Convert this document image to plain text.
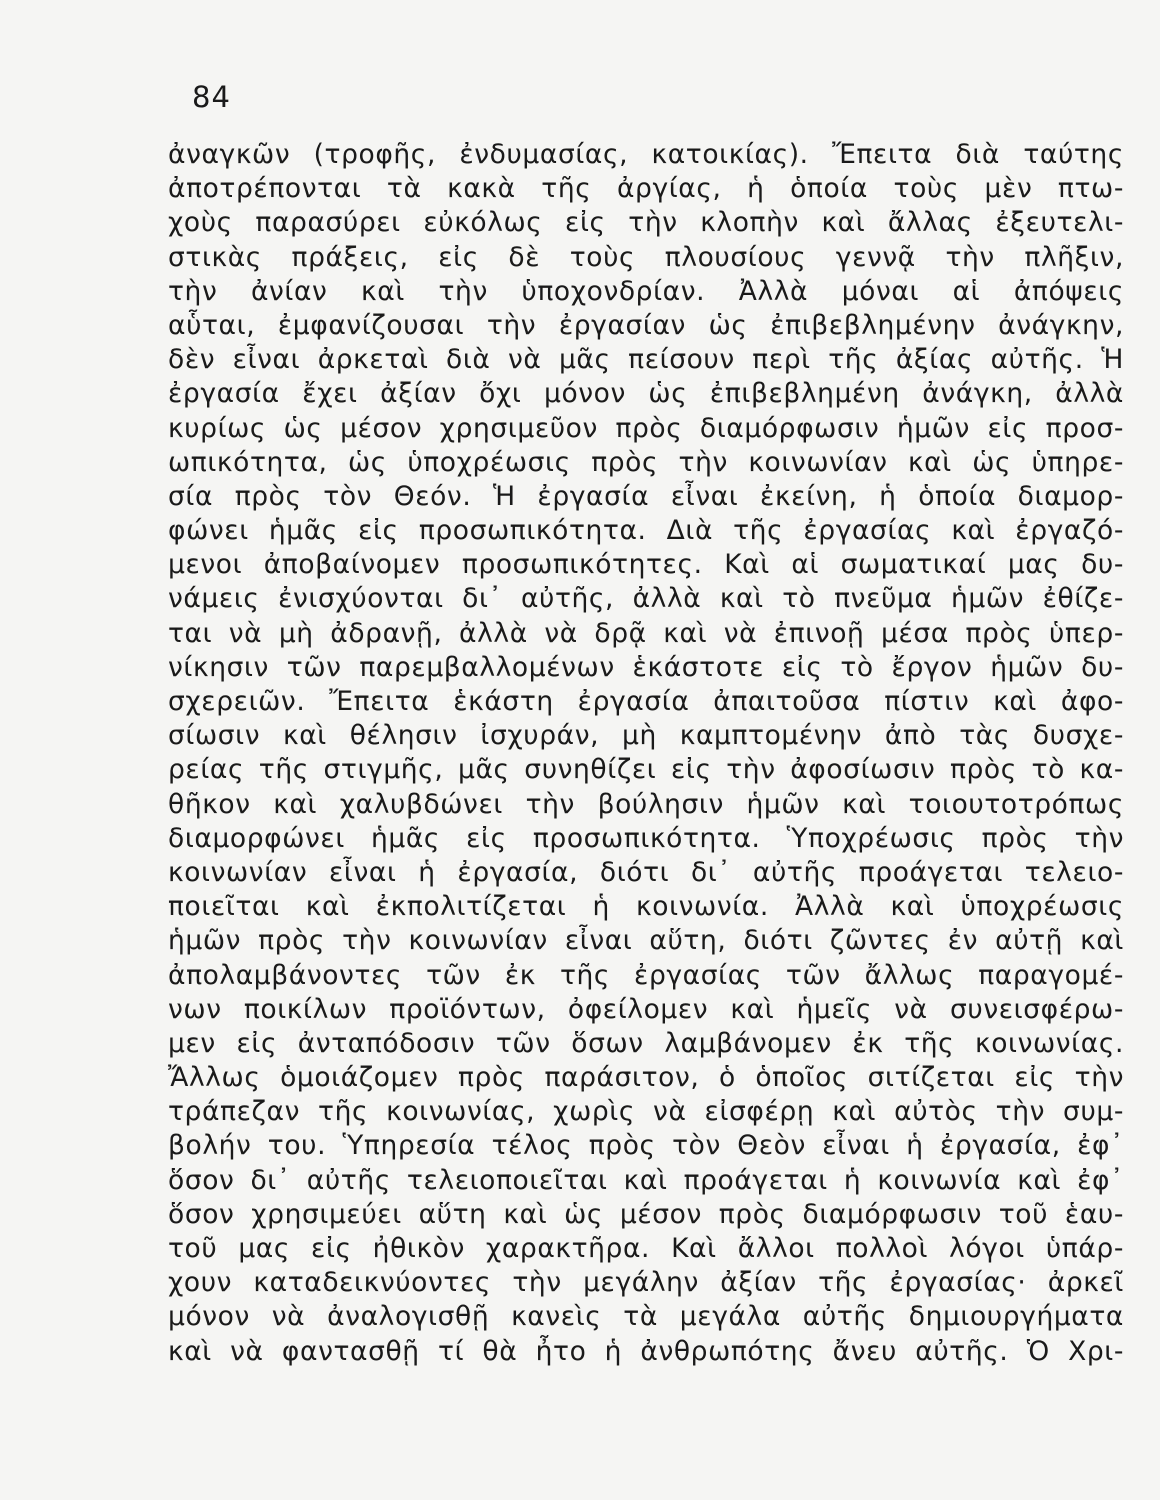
84
ἀναγκῶν (τροφῆς, ἐνδυμασίας, κατοικίας). Ἔπειτα διὰ ταύτης
ἀποτρέπονται τὰ κακὰ τῆς ἀργίας, ἡ ὁποία τοὺς μὲν πτω-
χοὺς παρασύρει εὐκόλως εἰς τὴν κλοπὴν καὶ ἄλλας ἐξευτελι-
στικὰς πράξεις, εἰς δὲ τοὺς πλουσίους γεννᾷ τὴν πλῆξιν,
τὴν ἀνίαν καὶ τὴν ὑποχονδρίαν. Ἀλλὰ μόναι αἱ ἀπόψεις
αὗται, ἐμφανίζουσαι τὴν ἐργασίαν ὡς ἐπιβεβλημένην ἀνάγκην,
δὲν εἶναι ἀρκεταὶ διὰ νὰ μᾶς πείσουν περὶ τῆς ἀξίας αὐτῆς. Ἡ
ἐργασία ἔχει ἀξίαν ὄχι μόνον ὡς ἐπιβεβλημένη ἀνάγκη, ἀλλὰ
κυρίως ὡς μέσον χρησιμεῦον πρὸς διαμόρφωσιν ἡμῶν εἰς προσ-
ωπικότητα, ὡς ὑποχρέωσις πρὸς τὴν κοινωνίαν καὶ ὡς ὑπηρε-
σία πρὸς τὸν Θεόν. Ἡ ἐργασία εἶναι ἐκείνη, ἡ ὁποία διαμορ-
φώνει ἡμᾶς εἰς προσωπικότητα. Διὰ τῆς ἐργασίας καὶ ἐργαζό-
μενοι ἀποβαίνομεν προσωπικότητες. Καὶ αἱ σωματικαί μας δυ-
νάμεις ἐνισχύονται δι᾽ αὐτῆς, ἀλλὰ καὶ τὸ πνεῦμα ἡμῶν ἐθίζε-
ται νὰ μὴ ἀδρανῇ, ἀλλὰ νὰ δρᾷ καὶ νὰ ἐπινοῇ μέσα πρὸς ὑπερ-
νίκησιν τῶν παρεμβαλλομένων ἑκάστοτε εἰς τὸ ἔργον ἡμῶν δυ-
σχερειῶν. Ἔπειτα ἑκάστη ἐργασία ἀπαιτοῦσα πίστιν καὶ ἀφο-
σίωσιν καὶ θέλησιν ἰσχυράν, μὴ καμπτομένην ἀπὸ τὰς δυσχε-
ρείας τῆς στιγμῆς, μᾶς συνηθίζει εἰς τὴν ἀφοσίωσιν πρὸς τὸ κα-
θῆκον καὶ χαλυβδώνει τὴν βούλησιν ἡμῶν καὶ τοιουτοτρόπως
διαμορφώνει ἡμᾶς εἰς προσωπικότητα. Ὑποχρέωσις πρὸς τὴν
κοινωνίαν εἶναι ἡ ἐργασία, διότι δι᾽ αὐτῆς προάγεται τελειο-
ποιεῖται καὶ ἐκπολιτίζεται ἡ κοινωνία. Ἀλλὰ καὶ ὑποχρέωσις
ἡμῶν πρὸς τὴν κοινωνίαν εἶναι αὕτη, διότι ζῶντες ἐν αὐτῇ καὶ
ἀπολαμβάνοντες τῶν ἐκ τῆς ἐργασίας τῶν ἄλλως παραγομέ-
νων ποικίλων προϊόντων, ὀφείλομεν καὶ ἡμεῖς νὰ συνεισφέρω-
μεν εἰς ἀνταπόδοσιν τῶν ὅσων λαμβάνομεν ἐκ τῆς κοινωνίας.
Ἄλλως ὁμοιάζομεν πρὸς παράσιτον, ὁ ὁποῖος σιτίζεται εἰς τὴν
τράπεζαν τῆς κοινωνίας, χωρὶς νὰ εἰσφέρῃ καὶ αὐτὸς τὴν συμ-
βολήν του. Ὑπηρεσία τέλος πρὸς τὸν Θεὸν εἶναι ἡ ἐργασία, ἐφ᾽
ὅσον δι᾽ αὐτῆς τελειοποιεῖται καὶ προάγεται ἡ κοινωνία καὶ ἐφ᾽
ὅσον χρησιμεύει αὕτη καὶ ὡς μέσον πρὸς διαμόρφωσιν τοῦ ἑαυ-
τοῦ μας εἰς ἠθικὸν χαρακτῆρα. Καὶ ἄλλοι πολλοὶ λόγοι ὑπάρ-
χουν καταδεικνύοντες τὴν μεγάλην ἀξίαν τῆς ἐργασίας· ἀρκεῖ
μόνον νὰ ἀναλογισθῇ κανεὶς τὰ μεγάλα αὐτῆς δημιουργήματα
καὶ νὰ φαντασθῇ τί θὰ ἦτο ἡ ἀνθρωπότης ἄνευ αὐτῆς. Ὁ Χρι-
